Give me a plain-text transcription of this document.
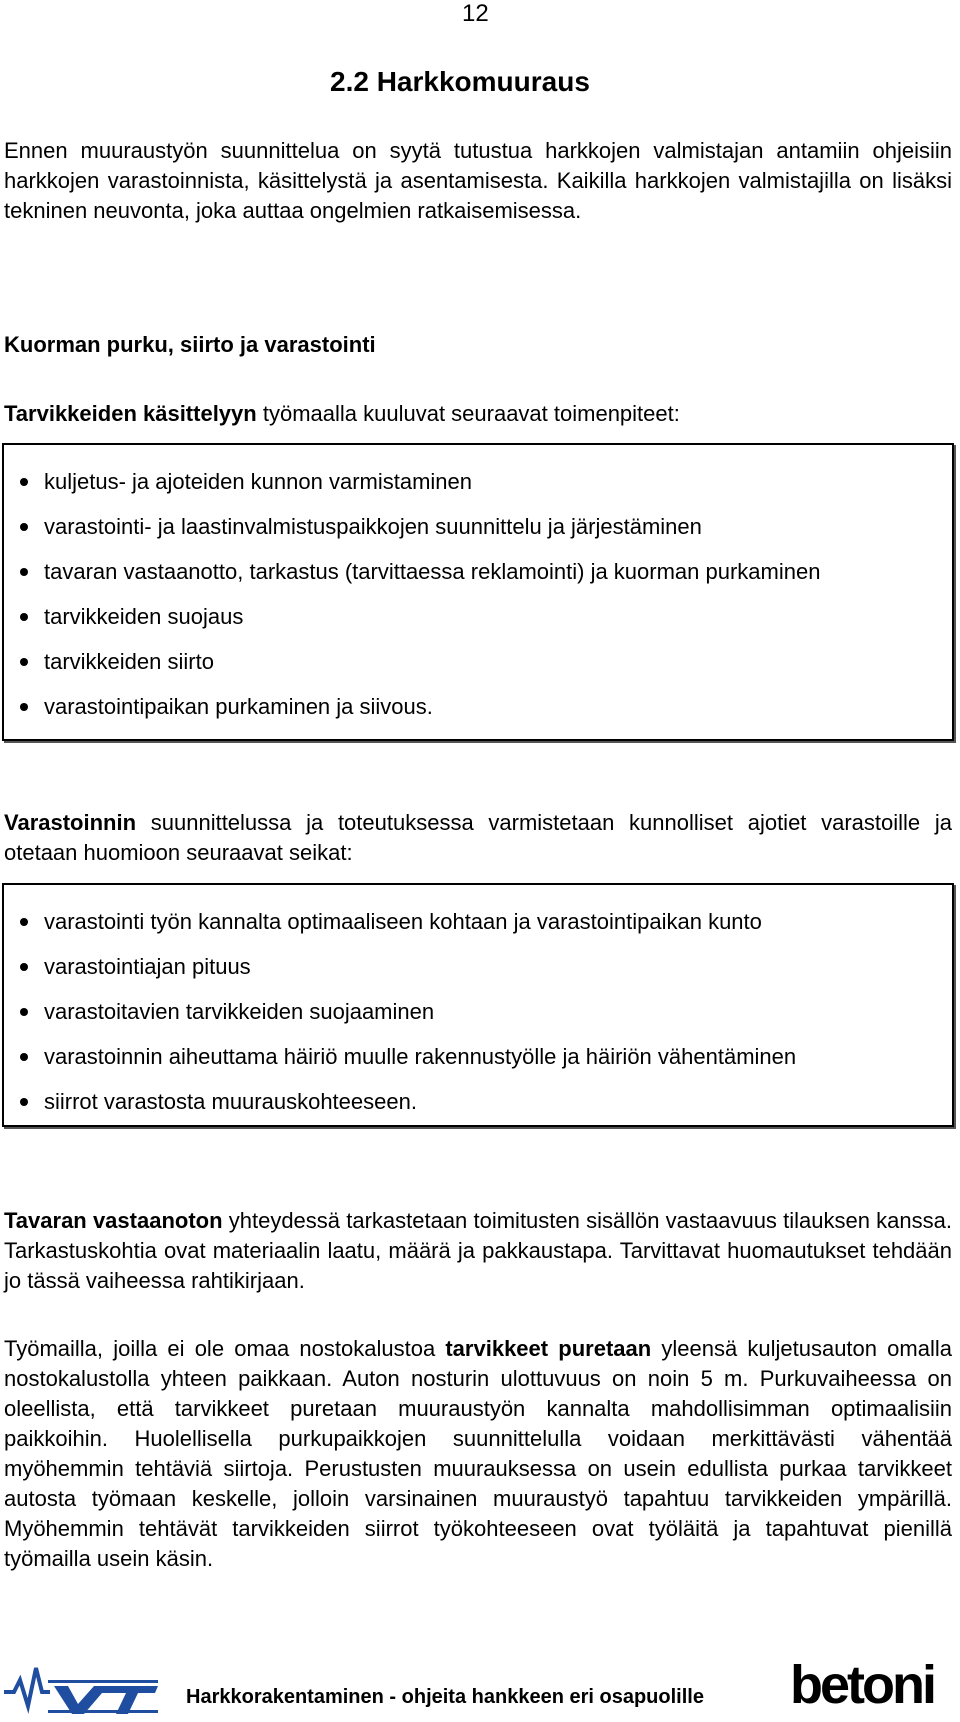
12
2.2 Harkkomuuraus

Ennen muuraustyön suunnittelua on syytä tutustua harkkojen valmistajan antamiin ohjeisiin harkkojen varastoinnista, käsittelystä ja asentamisesta. Kaikilla harkkojen valmistajilla on lisäksi tekninen neuvonta, joka auttaa ongelmien ratkaisemisessa.

Kuorman purku, siirto ja varastointi

Tarvikkeiden käsittelyyn työmaalla kuuluvat seuraavat toimenpiteet:

kuljetus- ja ajoteiden kunnon varmistaminen
varastointi- ja laastinvalmistuspaikkojen suunnittelu ja järjestäminen
tavaran vastaanotto, tarkastus (tarvittaessa reklamointi) ja kuorman purkaminen
tarvikkeiden suojaus
tarvikkeiden siirto
varastointipaikan purkaminen ja siivous.

Varastoinnin suunnittelussa ja toteutuksessa varmistetaan kunnolliset ajotiet varastoille ja otetaan huomioon seuraavat seikat:

varastointi työn kannalta optimaaliseen kohtaan ja varastointipaikan kunto
varastointiajan pituus
varastoitavien tarvikkeiden suojaaminen
varastoinnin aiheuttama häiriö muulle rakennustyölle ja häiriön vähentäminen
siirrot varastosta muurauskohteeseen.

Tavaran vastaanoton yhteydessä tarkastetaan toimitusten sisällön vastaavuus tilauksen kanssa. Tarkastuskohtia ovat materiaalin laatu, määrä ja pakkaustapa. Tarvittavat huomautukset tehdään jo tässä vaiheessa rahtikirjaan.

Työmailla, joilla ei ole omaa nostokalustoa tarvikkeet puretaan yleensä kuljetusauton omalla nostokalustolla yhteen paikkaan. Auton nosturin ulottuvuus on noin 5 m. Purkuvaiheessa on oleellista, että tarvikkeet puretaan muuraustyön kannalta mahdollisimman optimaalisiin paikkoihin. Huolellisella purkupaikkojen suunnittelulla voidaan merkittävästi vähentää myöhemmin tehtäviä siirtoja. Perustusten muurauksessa on usein edullista purkaa tarvikkeet autosta työmaan keskelle, jolloin varsinainen muuraustyö tapahtuu tarvikkeiden ympärillä. Myöhemmin tehtävät tarvikkeiden siirrot työkohteeseen ovat työläitä ja tapahtuvat pienillä työmailla usein käsin.

Harkkorakentaminen - ohjeita hankkeen eri osapuolille betoni
